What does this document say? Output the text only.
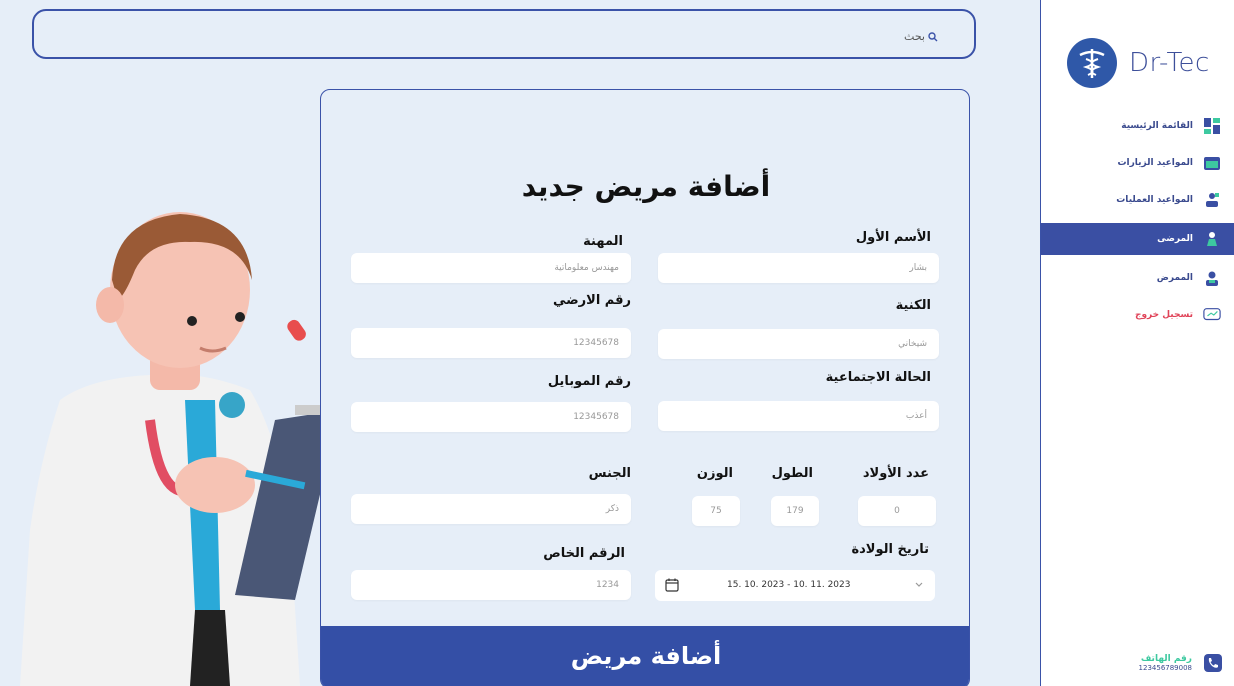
بحث
أضافة مريض جديد
الأسم الأول
بشار
المهنة
مهندس معلوماتية
الكنية
شيخاني
رقم الارضي
12345678
الحالة الاجتماعية
أعذب
رقم الموبايل
12345678
عدد الأولاد
0
الطول
179
الوزن
75
الجنس
ذكر
تاريخ الولادة
15. 10. 2023 - 10. 11. 2023
الرقم الخاص
1234
أضافة مريض
Dr-Tec
القائمة الرئيسية
المواعيد الزيارات
المواعيد العمليات
المرضى
الممرض
تسجيل خروج
رقم الهاتف
123456789008
